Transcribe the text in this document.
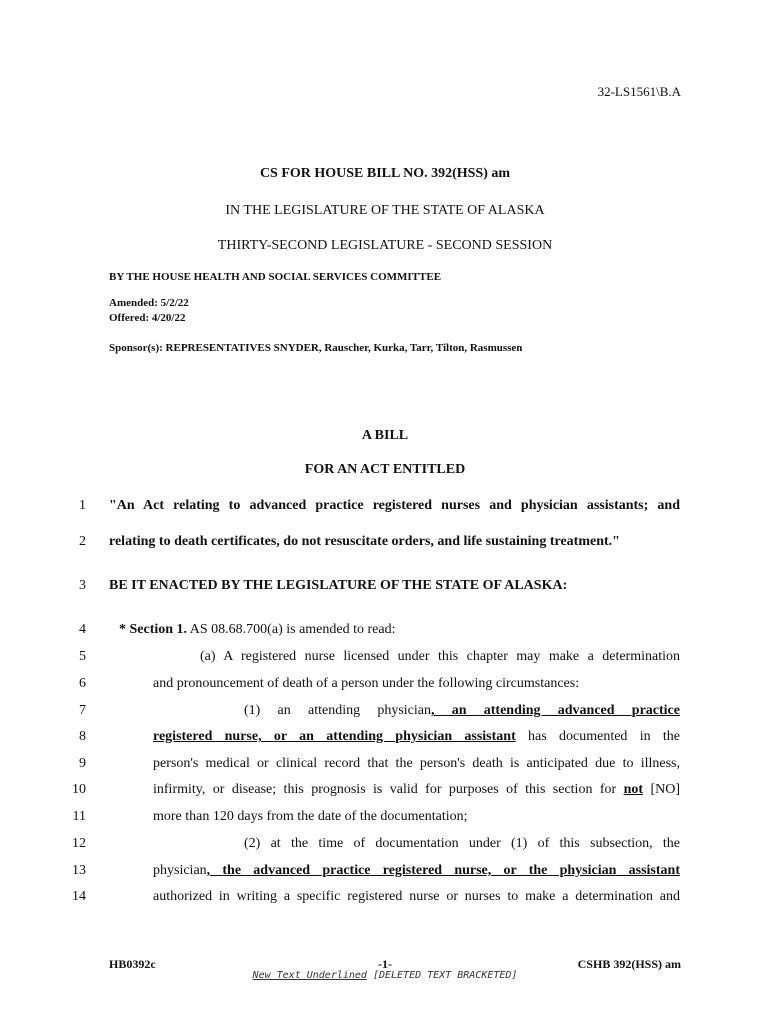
32-LS1561\B.A
CS FOR HOUSE BILL NO. 392(HSS) am
IN THE LEGISLATURE OF THE STATE OF ALASKA
THIRTY-SECOND LEGISLATURE - SECOND SESSION
BY THE HOUSE HEALTH AND SOCIAL SERVICES COMMITTEE
Amended: 5/2/22
Offered: 4/20/22
Sponsor(s): REPRESENTATIVES SNYDER, Rauscher, Kurka, Tarr, Tilton, Rasmussen
A BILL
FOR AN ACT ENTITLED
1
2
3
4
5
6
7
8
9
10
11
12
13
14
"An Act relating to advanced practice registered nurses and physician assistants; and
relating to death certificates, do not resuscitate orders, and life sustaining treatment."
BE IT ENACTED BY THE LEGISLATURE OF THE STATE OF ALASKA:
* Section 1. AS 08.68.700(a) is amended to read:
(a) A registered nurse licensed under this chapter may make a determination
and pronouncement of death of a person under the following circumstances:
(1) an attending physician, an attending advanced practice
registered nurse, or an attending physician assistant has documented in the
person's medical or clinical record that the person's death is anticipated due to illness,
infirmity, or disease; this prognosis is valid for purposes of this section for not [NO]
more than 120 days from the date of the documentation;
(2) at the time of documentation under (1) of this subsection, the
physician, the advanced practice registered nurse, or the physician assistant
authorized in writing a specific registered nurse or nurses to make a determination and
HB0392c	-1-	CSHB 392(HSS) am
New Text Underlined [DELETED TEXT BRACKETED]
